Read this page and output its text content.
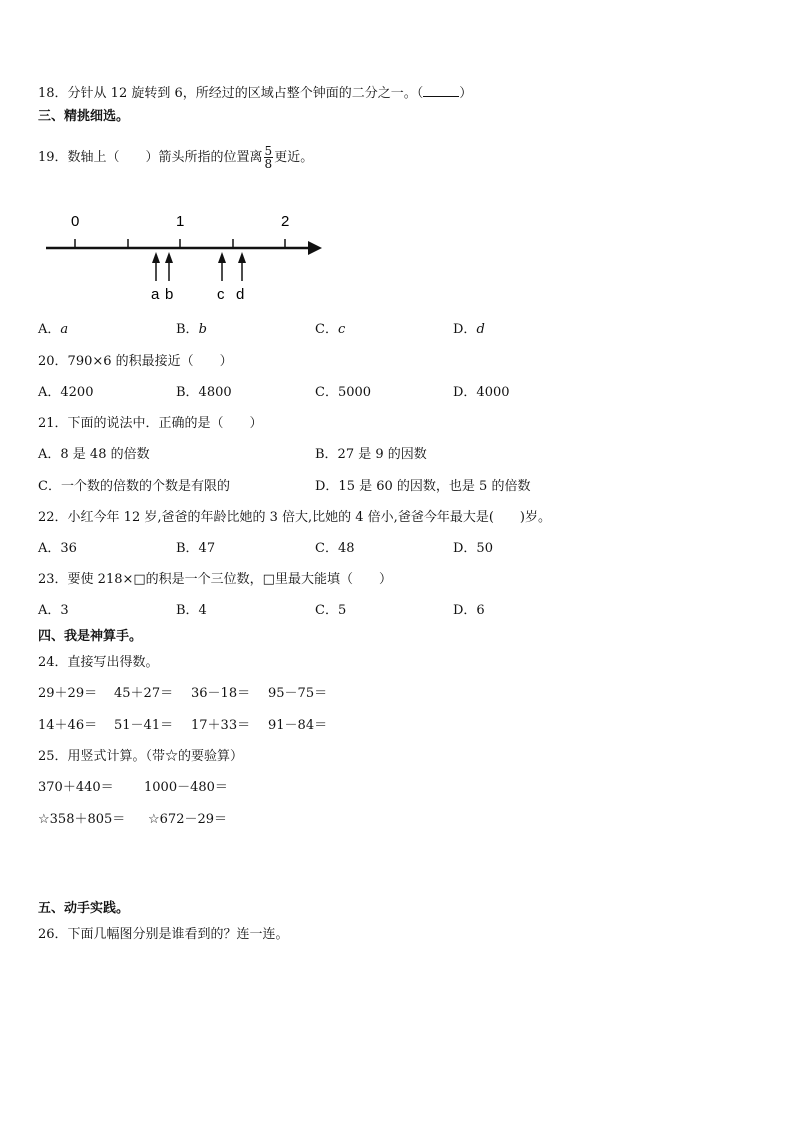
18．分针从 12 旋转到 6，所经过的区域占整个钟面的二分之一。（	）
三、精挑细选。
19．数轴上（　　）箭头所指的位置离 $\frac{5}{8}$ 更近。
0	1	2
a b	c d
A．a	B．b	C．c	D．d
20．790×6 的积最接近（　　）
A．4200	B．4800	C．5000	D．4000
21．下面的说法中．正确的是（　　）
A．8 是 48 的倍数	B．27 是 9 的因数
C．一个数的倍数的个数是有限的	D．15 是 60 的因数，也是 5 的倍数
22．小红今年 12 岁,爸爸的年龄比她的 3 倍大,比她的 4 倍小,爸爸今年最大是(　　)岁。
A．36	B．47	C．48	D．50
23．要使 218×□的积是一个三位数，□里最大能填（　　）
A．3	B．4	C．5	D．6
四、我是神算手。
24．直接写出得数。
29＋29＝ 45＋27＝ 36－18＝ 95－75＝
14＋46＝ 51－41＝ 17＋33＝ 91－84＝
25．用竖式计算。（带☆的要验算）
370＋440＝ 1000－480＝
☆358＋805＝ ☆672－29＝
五、动手实践。
26．下面几幅图分别是谁看到的？连一连。
